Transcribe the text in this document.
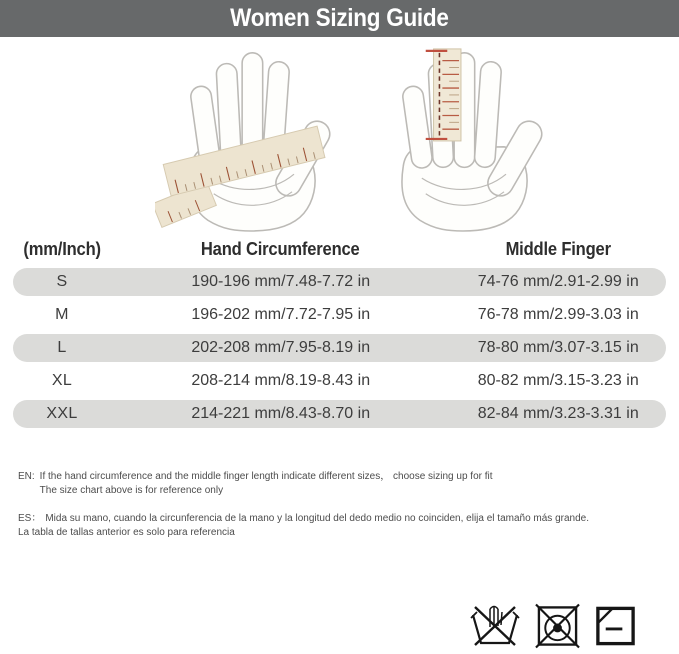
Women Sizing Guide
(mm/Inch)	Hand Circumference	Middle Finger
S	190-196 mm/7.48-7.72 in	74-76 mm/2.91-2.99 in
M	196-202 mm/7.72-7.95 in	76-78 mm/2.99-3.03 in
L	202-208 mm/7.95-8.19 in	78-80 mm/3.07-3.15 in
XL	208-214 mm/8.19-8.43 in	80-82 mm/3.15-3.23 in
XXL	214-221 mm/8.43-8.70 in	82-84 mm/3.23-3.31 in
EN: If the hand circumference and the middle finger length indicate different sizes， choose sizing up for fit
The size chart above is for reference only
ES： Mida su mano, cuando la circunferencia de la mano y la longitud del dedo medio no coinciden, elija el tamaño más grande.
La tabla de tallas anterior es solo para referencia
